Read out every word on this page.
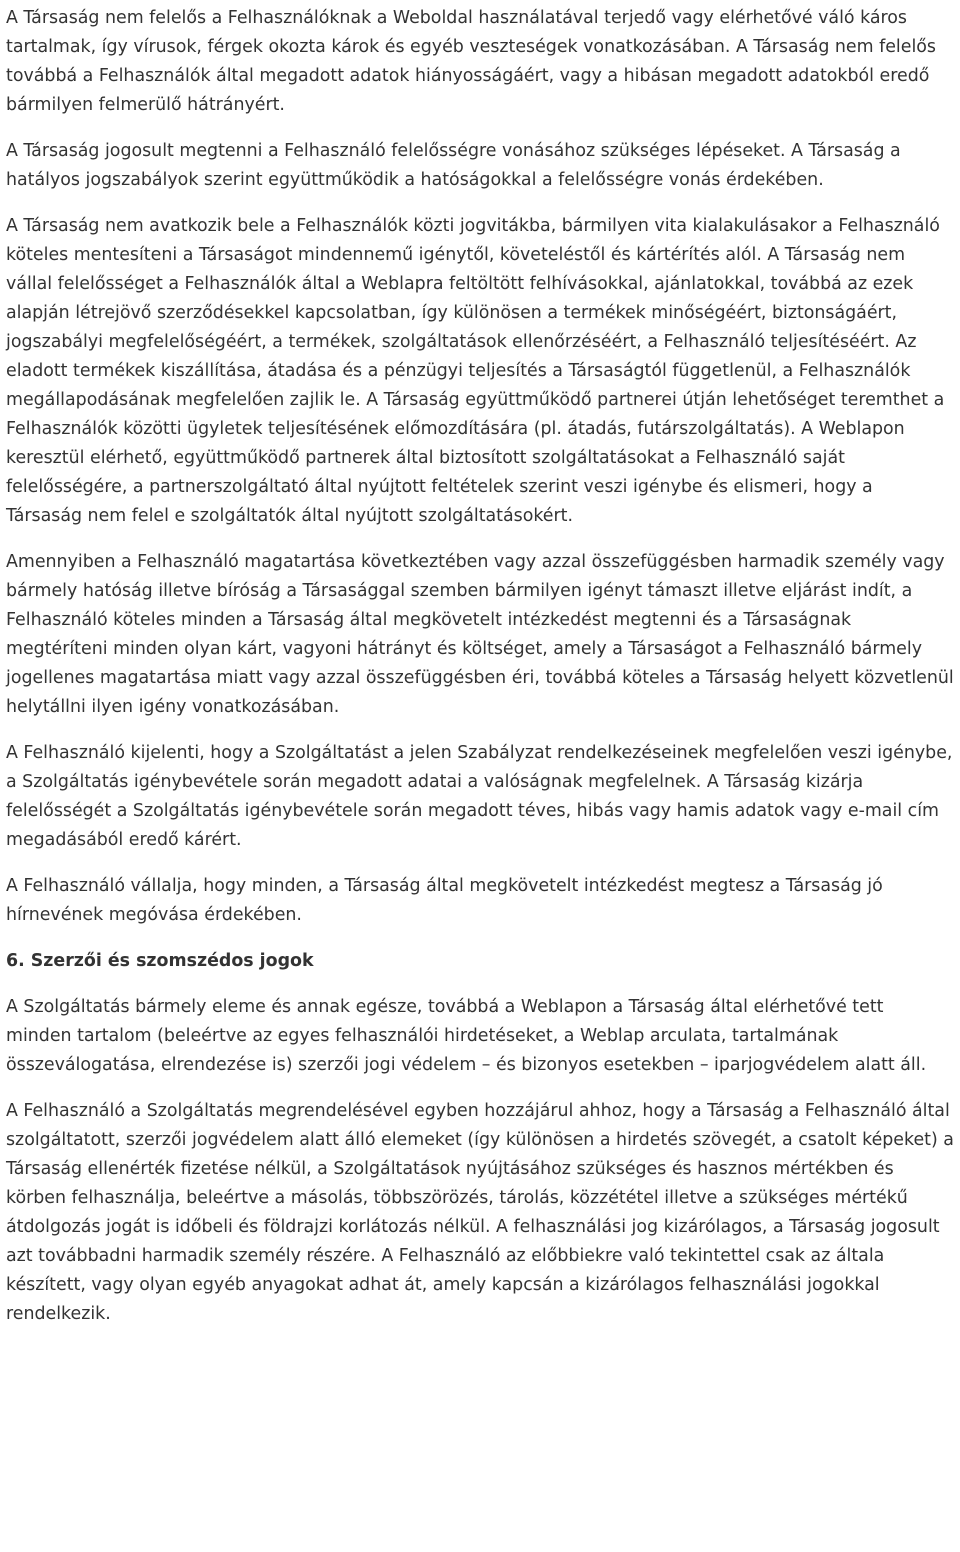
A Társaság nem felelős a Felhasználóknak a Weboldal használatával terjedő vagy elérhetővé váló káros tartalmak, így vírusok, férgek okozta károk és egyéb veszteségek vonatkozásában. A Társaság nem felelős továbbá a Felhasználók által megadott adatok hiányosságáért, vagy a hibásan megadott adatokból eredő bármilyen felmerülő hátrányért.

A Társaság jogosult megtenni a Felhasználó felelősségre vonásához szükséges lépéseket. A Társaság a hatályos jogszabályok szerint együttműködik a hatóságokkal a felelősségre vonás érdekében.

A Társaság nem avatkozik bele a Felhasználók közti jogvitákba, bármilyen vita kialakulásakor a Felhasználó köteles mentesíteni a Társaságot mindennemű igénytől, követeléstől és kártérítés alól. A Társaság nem vállal felelősséget a Felhasználók által a Weblapra feltöltött felhívásokkal, ajánlatokkal, továbbá az ezek alapján létrejövő szerződésekkel kapcsolatban, így különösen a termékek minőségéért, biztonságáért, jogszabályi megfelelőségéért, a termékek, szolgáltatások ellenőrzéséért, a Felhasználó teljesítéséért. Az eladott termékek kiszállítása, átadása és a pénzügyi teljesítés a Társaságtól függetlenül, a Felhasználók megállapodásának megfelelően zajlik le. A Társaság együttműködő partnerei útján lehetőséget teremthet a Felhasználók közötti ügyletek teljesítésének előmozdítására (pl. átadás, futárszolgáltatás). A Weblapon keresztül elérhető, együttműködő partnerek által biztosított szolgáltatásokat a Felhasználó saját felelősségére, a partnerszolgáltató által nyújtott feltételek szerint veszi igénybe és elismeri, hogy a Társaság nem felel e szolgáltatók által nyújtott szolgáltatásokért.

Amennyiben a Felhasználó magatartása következtében vagy azzal összefüggésben harmadik személy vagy bármely hatóság illetve bíróság a Társasággal szemben bármilyen igényt támaszt illetve eljárást indít, a Felhasználó köteles minden a Társaság által megkövetelt intézkedést megtenni és a Társaságnak megtéríteni minden olyan kárt, vagyoni hátrányt és költséget, amely a Társaságot a Felhasználó bármely jogellenes magatartása miatt vagy azzal összefüggésben éri, továbbá köteles a Társaság helyett közvetlenül helytállni ilyen igény vonatkozásában.

A Felhasználó kijelenti, hogy a Szolgáltatást a jelen Szabályzat rendelkezéseinek megfelelően veszi igénybe, a Szolgáltatás igénybevétele során megadott adatai a valóságnak megfelelnek. A Társaság kizárja felelősségét a Szolgáltatás igénybevétele során megadott téves, hibás vagy hamis adatok vagy e-mail cím megadásából eredő kárért.

A Felhasználó vállalja, hogy minden, a Társaság által megkövetelt intézkedést megtesz a Társaság jó hírnevének megóvása érdekében.

6. Szerzői és szomszédos jogok

A Szolgáltatás bármely eleme és annak egésze, továbbá a Weblapon a Társaság által elérhetővé tett minden tartalom (beleértve az egyes felhasználói hirdetéseket, a Weblap arculata, tartalmának összeválogatása, elrendezése is) szerzői jogi védelem – és bizonyos esetekben – iparjogvédelem alatt áll.

A Felhasználó a Szolgáltatás megrendelésével egyben hozzájárul ahhoz, hogy a Társaság a Felhasználó által szolgáltatott, szerzői jogvédelem alatt álló elemeket (így különösen a hirdetés szövegét, a csatolt képeket) a Társaság ellenérték fizetése nélkül, a Szolgáltatások nyújtásához szükséges és hasznos mértékben és körben felhasználja, beleértve a másolás, többszörözés, tárolás, közzététel illetve a szükséges mértékű átdolgozás jogát is időbeli és földrajzi korlátozás nélkül. A felhasználási jog kizárólagos, a Társaság jogosult azt továbbadni harmadik személy részére. A Felhasználó az előbbiekre való tekintettel csak az általa készített, vagy olyan egyéb anyagokat adhat át, amely kapcsán a kizárólagos felhasználási jogokkal rendelkezik.
